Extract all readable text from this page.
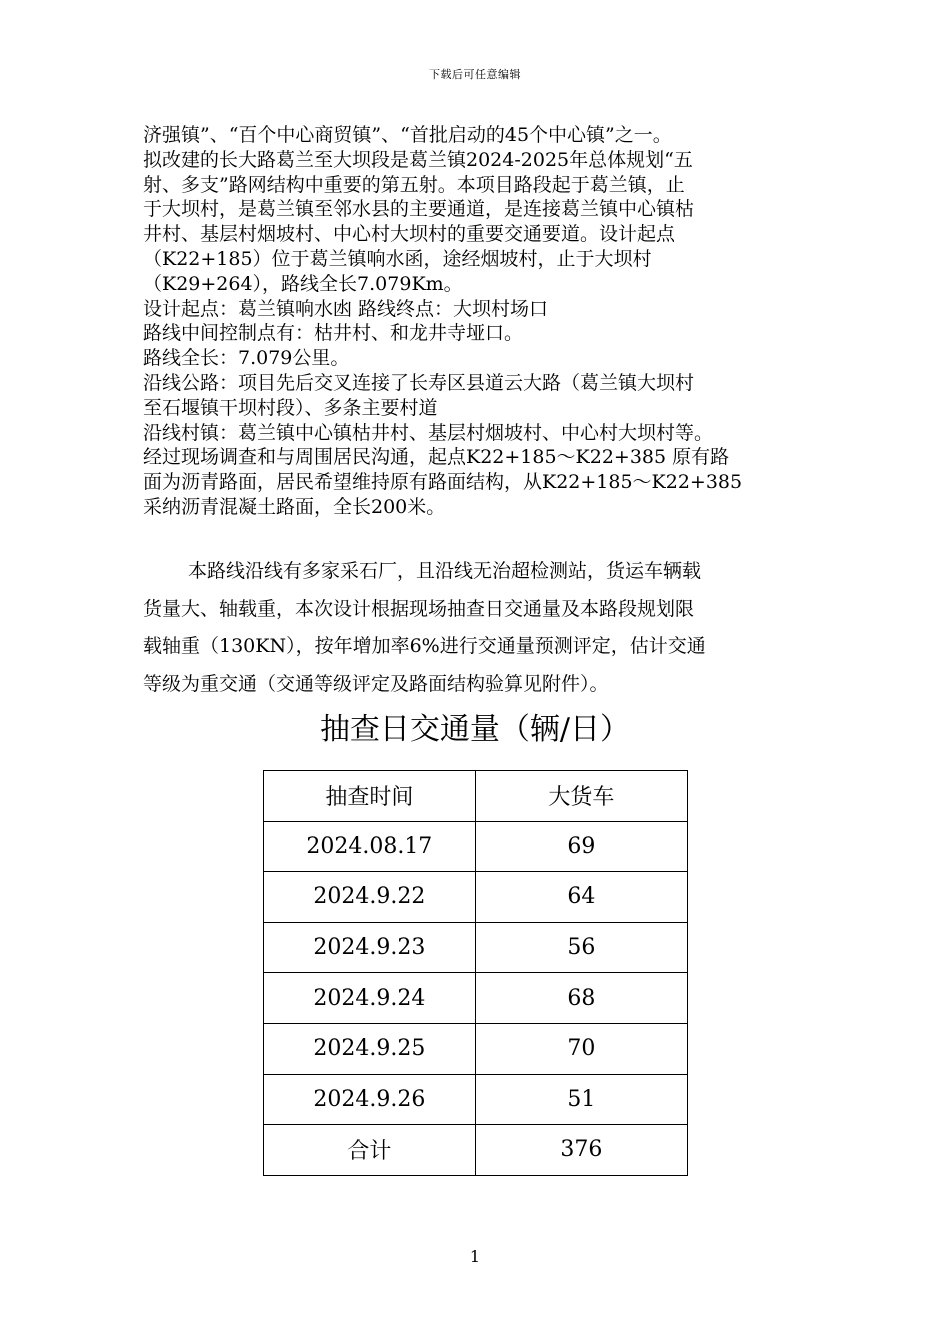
下载后可任意编辑

济强镇”、“百个中心商贸镇”、“首批启动的45个中心镇”之一。

拟改建的长大路葛兰至大坝段是葛兰镇2024-2025年总体规划“五

射、多支”路网结构中重要的第五射。本项目路段起于葛兰镇，止

于大坝村，是葛兰镇至邻水县的主要通道，是连接葛兰镇中心镇枯

井村、基层村烟坡村、中心村大坝村的重要交通要道。设计起点

（K22+185）位于葛兰镇响水函，途经烟坡村，止于大坝村

（K29+264），路线全长7.079Km。

设计起点：葛兰镇响水凼 路线终点：大坝村场口

路线中间控制点有：枯井村、和龙井寺垭口。

路线全长：7.079公里。

沿线公路：项目先后交叉连接了长寿区县道云大路（葛兰镇大坝村

至石堰镇干坝村段）、多条主要村道

沿线村镇：葛兰镇中心镇枯井村、基层村烟坡村、中心村大坝村等。

经过现场调查和与周围居民沟通，起点K22+185～K22+385 原有路

面为沥青路面，居民希望维持原有路面结构，从K22+185～K22+385

采纳沥青混凝土路面，全长200米。

本路线沿线有多家采石厂，且沿线无治超检测站，货运车辆载

货量大、轴载重，本次设计根据现场抽查日交通量及本路段规划限

载轴重（130KN），按年增加率6%进行交通量预测评定，估计交通

等级为重交通（交通等级评定及路面结构验算见附件）。

抽查日交通量（辆/日）
抽查时间	大货车
2024.08.17	69
2024.9.22	64
2024.9.23	56
2024.9.24	68
2024.9.25	70
2024.9.26	51
合计	376
1
